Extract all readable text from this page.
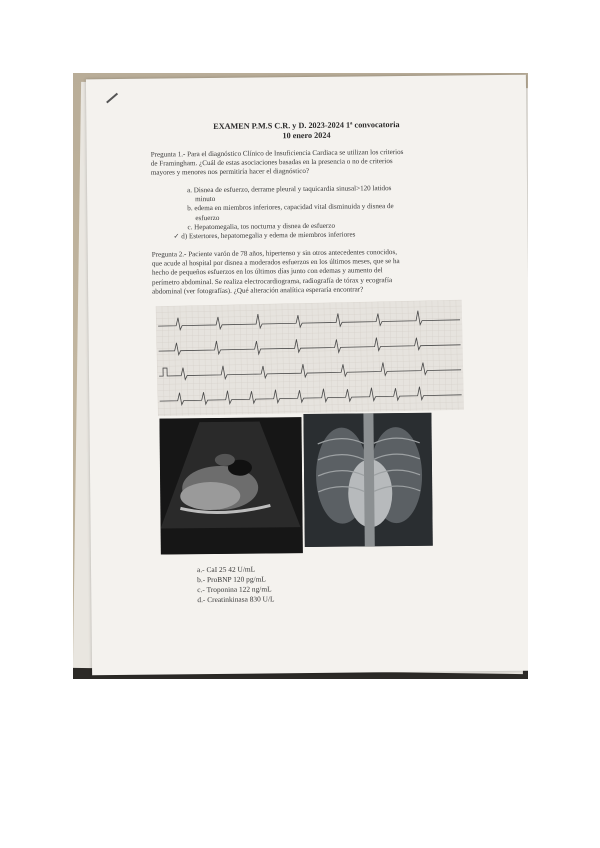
EXAMEN P.M.S C.R. y D. 2023-2024 1ª convocatoria
10 enero 2024
Pregunta 1.- Para el diagnóstico Clínico de Insuficiencia Cardiaca se utilizan los criterios
de Framingham. ¿Cuál de estas asociaciones basadas en la presencia o no de criterios
mayores y menores nos permitiría hacer el diagnóstico?
a. Disnea de esfuerzo, derrame pleural y taquicardia sinusal>120 latidos
minuto
b. edema en miembros inferiores, capacidad vital disminuida y disnea de
esfuerzo
c. Hepatomegalia, tos nocturna y disnea de esfuerzo
✓ d) Estertores, hepatomegalia y edema de miembros inferiores
Pregunta 2.- Paciente varón de 78 años, hipertenso y sin otros antecedentes conocidos,
que acude al hospital por disnea a moderados esfuerzos en los últimos meses, que se ha
hecho de pequeños esfuerzos en los últimos días junto con edemas y aumento del
perímetro abdominal. Se realiza electrocardiograma, radiografía de tórax y ecografía
abdominal (ver fotografías). ¿Qué alteración analítica esperaría encontrar?
a.- CaI 25 42 U/mL
b.- ProBNP 120 pg/mL
c.- Troponina 122 ng/mL
d.- Creatinkinasa 830 U/L
